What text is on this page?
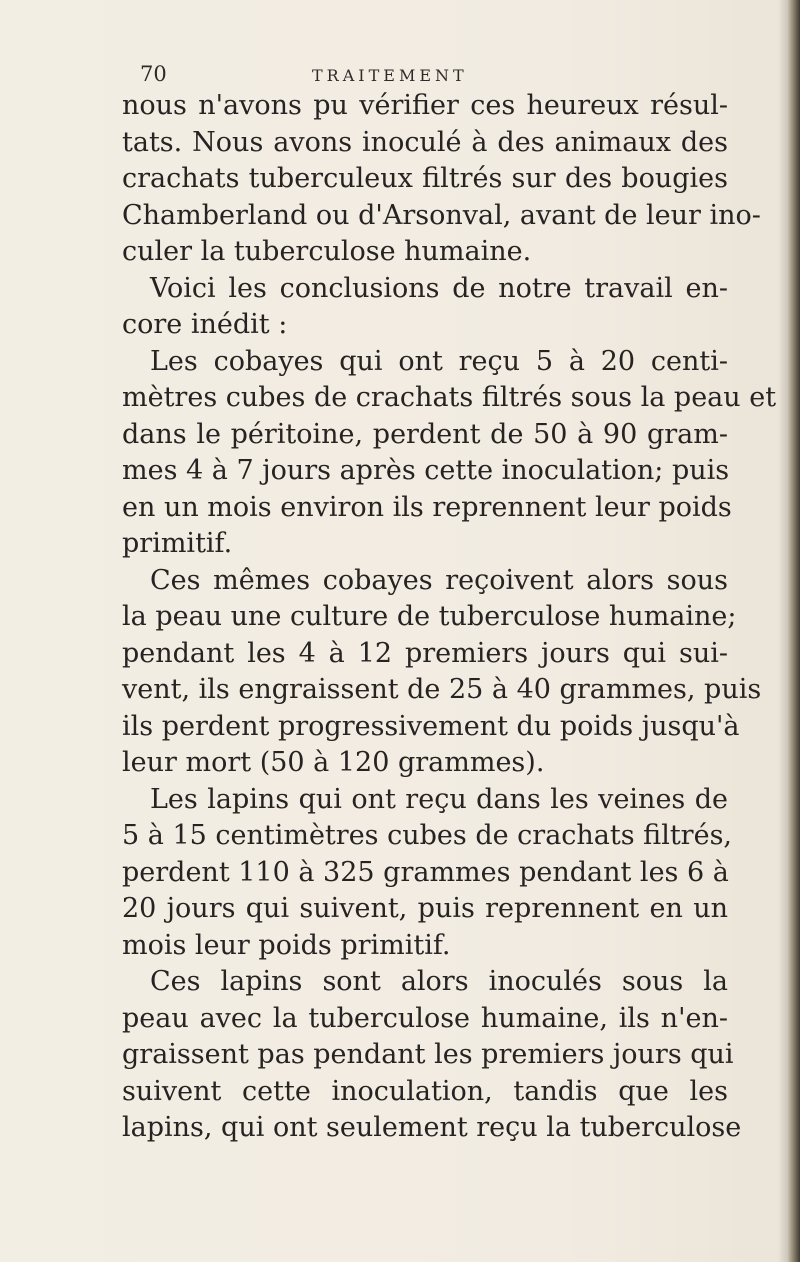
70	TRAITEMENT
nous n'avons pu vérifier ces heureux résul-
tats. Nous avons inoculé à des animaux des
crachats tuberculeux filtrés sur des bougies
Chamberland ou d'Arsonval, avant de leur ino-
culer la tuberculose humaine.
Voici les conclusions de notre travail en-
core inédit :
Les cobayes qui ont reçu 5 à 20 centi-
mètres cubes de crachats filtrés sous la peau et
dans le péritoine, perdent de 50 à 90 gram-
mes 4 à 7 jours après cette inoculation; puis
en un mois environ ils reprennent leur poids
primitif.
Ces mêmes cobayes reçoivent alors sous
la peau une culture de tuberculose humaine;
pendant les 4 à 12 premiers jours qui sui-
vent, ils engraissent de 25 à 40 grammes, puis
ils perdent progressivement du poids jusqu'à
leur mort (50 à 120 grammes).
Les lapins qui ont reçu dans les veines de
5 à 15 centimètres cubes de crachats filtrés,
perdent 110 à 325 grammes pendant les 6 à
20 jours qui suivent, puis reprennent en un
mois leur poids primitif.
Ces lapins sont alors inoculés sous la
peau avec la tuberculose humaine, ils n'en-
graissent pas pendant les premiers jours qui
suivent cette inoculation, tandis que les
lapins, qui ont seulement reçu la tuberculose
